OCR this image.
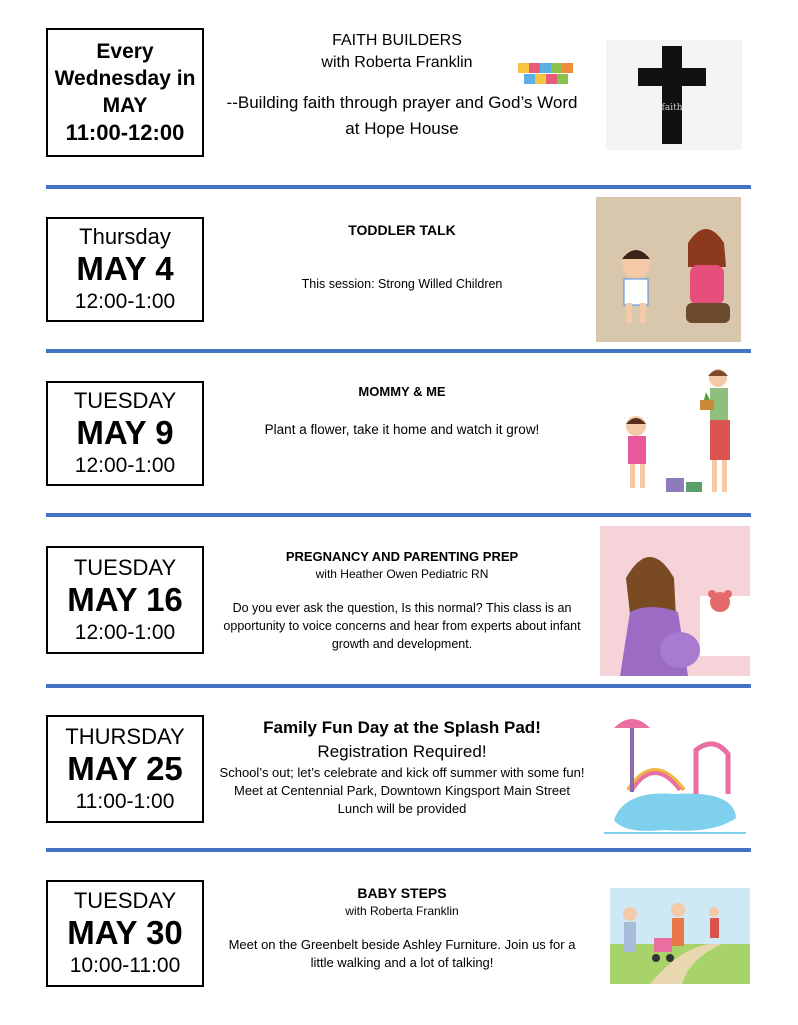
Every
Wednesday in
MAY
11:00-12:00
FAITH BUILDERS
with Roberta Franklin
--Building faith through prayer and God’s Word at Hope House
faith
Thursday
MAY 4
12:00-1:00
TODDLER TALK
This session: Strong Willed Children
TUESDAY
MAY 9
12:00-1:00
MOMMY & ME
Plant a flower, take it home and watch it grow!
TUESDAY
MAY 16
12:00-1:00
PREGNANCY AND PARENTING PREP
with Heather Owen Pediatric RN
Do you ever ask the question, Is this normal? This class is an opportunity to voice concerns and hear from experts about infant growth and development.
THURSDAY
MAY 25
11:00-1:00
Family Fun Day at the Splash Pad!
Registration Required!
School’s out; let’s celebrate and kick off summer with some fun!
Meet at Centennial Park, Downtown Kingsport Main Street
Lunch will be provided
TUESDAY
MAY 30
10:00-11:00
BABY STEPS
with Roberta Franklin
Meet on the Greenbelt beside Ashley Furniture. Join us for a little walking and a lot of talking!
